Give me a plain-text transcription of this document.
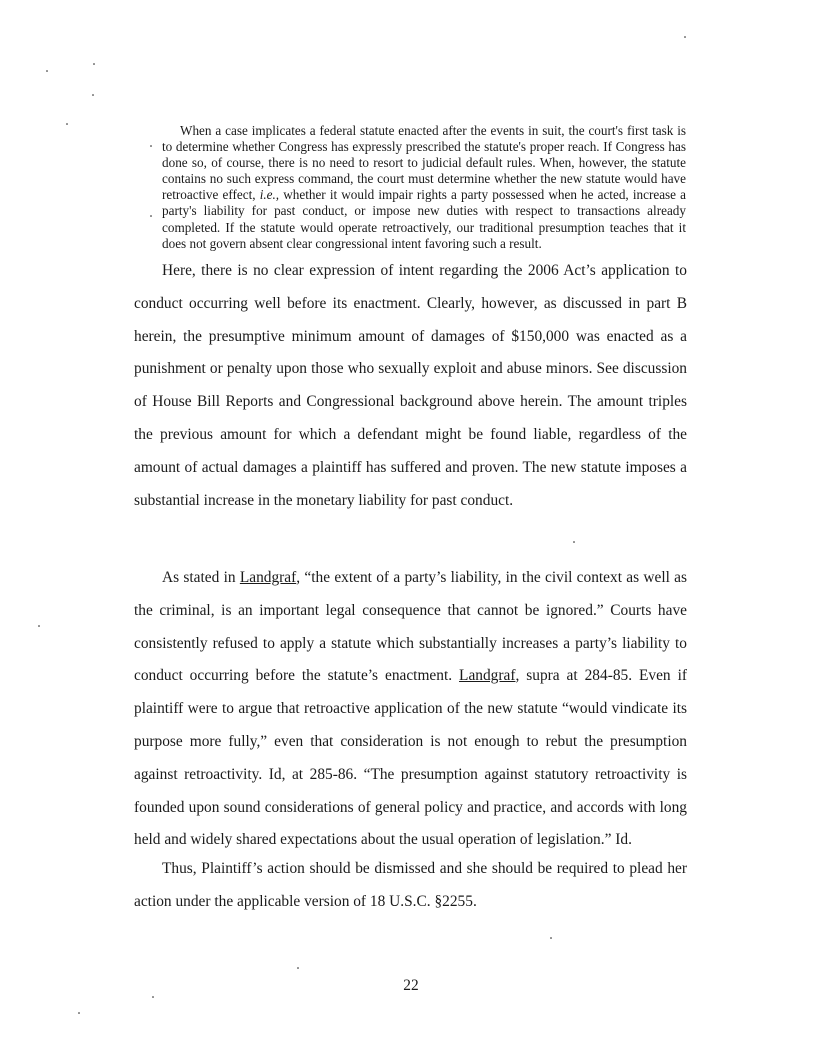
When a case implicates a federal statute enacted after the events in suit, the court's first task is to determine whether Congress has expressly prescribed the statute's proper reach. If Congress has done so, of course, there is no need to resort to judicial default rules. When, however, the statute contains no such express command, the court must determine whether the new statute would have retroactive effect, i.e., whether it would impair rights a party possessed when he acted, increase a party's liability for past conduct, or impose new duties with respect to transactions already completed. If the statute would operate retroactively, our traditional presumption teaches that it does not govern absent clear congressional intent favoring such a result.
Here, there is no clear expression of intent regarding the 2006 Act’s application to conduct occurring well before its enactment. Clearly, however, as discussed in part B herein, the presumptive minimum amount of damages of $150,000 was enacted as a punishment or penalty upon those who sexually exploit and abuse minors. See discussion of House Bill Reports and Congressional background above herein. The amount triples the previous amount for which a defendant might be found liable, regardless of the amount of actual damages a plaintiff has suffered and proven. The new statute imposes a substantial increase in the monetary liability for past conduct.
As stated in Landgraf, “the extent of a party’s liability, in the civil context as well as the criminal, is an important legal consequence that cannot be ignored.” Courts have consistently refused to apply a statute which substantially increases a party’s liability to conduct occurring before the statute’s enactment. Landgraf, supra at 284-85. Even if plaintiff were to argue that retroactive application of the new statute “would vindicate its purpose more fully,” even that consideration is not enough to rebut the presumption against retroactivity. Id, at 285-86. “The presumption against statutory retroactivity is founded upon sound considerations of general policy and practice, and accords with long held and widely shared expectations about the usual operation of legislation.” Id.
Thus, Plaintiff’s action should be dismissed and she should be required to plead her action under the applicable version of 18 U.S.C. §2255.
22
